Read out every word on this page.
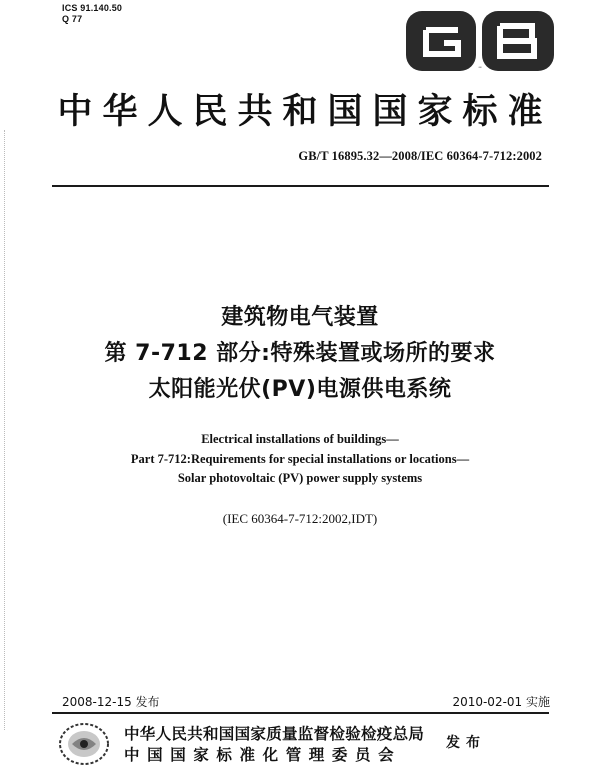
ICS 91.140.50
Q 77
GB
中华人民共和国国家标准
GB/T 16895.32—2008/IEC 60364-7-712:2002
建筑物电气装置
第 7-712 部分:特殊装置或场所的要求
太阳能光伏(PV)电源供电系统
Electrical installations of buildings—
Part 7-712:Requirements for special installations or locations—
Solar photovoltaic (PV) power supply systems
(IEC 60364-7-712:2002,IDT)
2008-12-15 发布	2010-02-01 实施
中华人民共和国国家质量监督检验检疫总局
中国国家标准化管理委员会
发布
